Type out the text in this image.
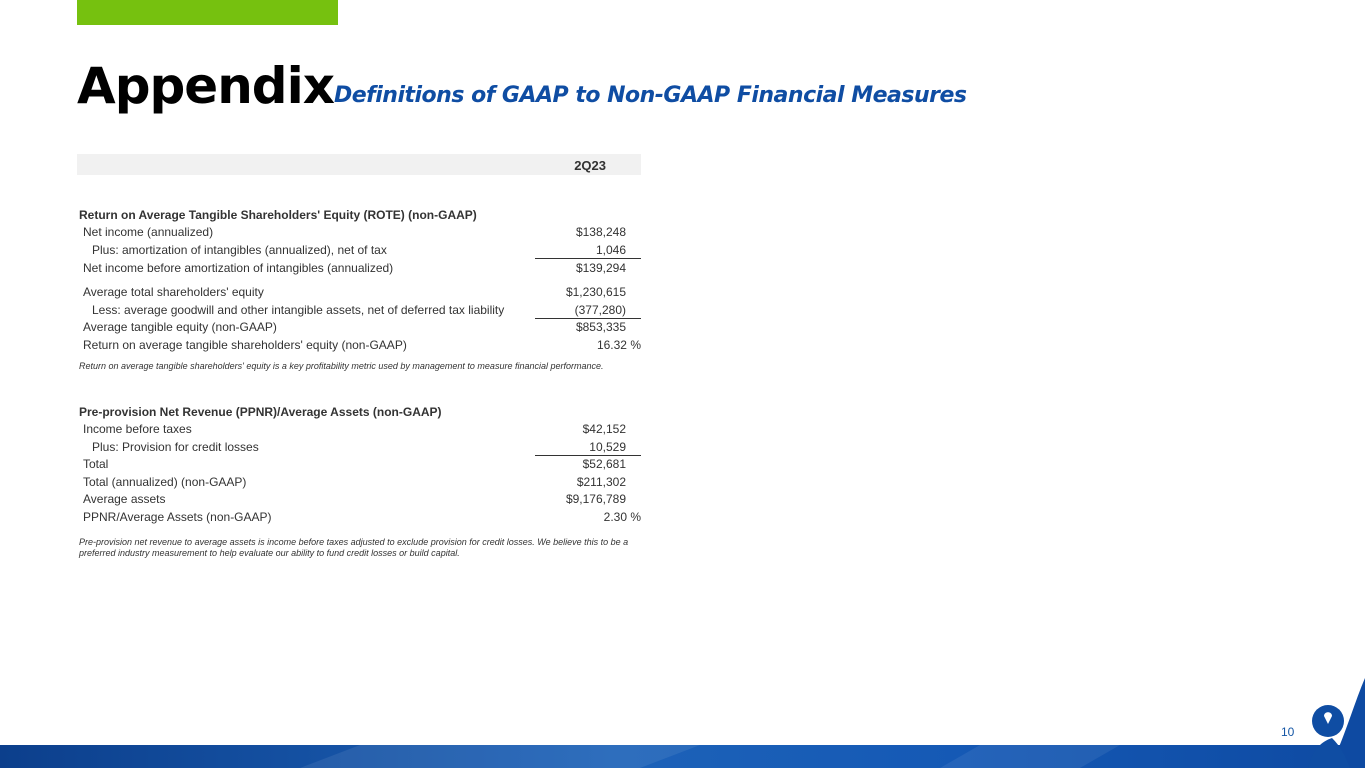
Appendix Definitions of GAAP to Non-GAAP Financial Measures
2Q23
Return on Average Tangible Shareholders' Equity (ROTE) (non-GAAP)
Net income (annualized)	$138,248
Plus: amortization of intangibles (annualized), net of tax	1,046
Net income before amortization of intangibles (annualized)	$139,294
Average total shareholders' equity	$1,230,615
Less: average goodwill and other intangible assets, net of deferred tax liability	(377,280)
Average tangible equity (non-GAAP)	$853,335
Return on average tangible shareholders' equity (non-GAAP)	16.32 %
Return on average tangible shareholders' equity is a key profitability metric used by management to measure financial performance.
Pre-provision Net Revenue (PPNR)/Average Assets (non-GAAP)
Income before taxes	$42,152
Plus: Provision for credit losses	10,529
Total	$52,681
Total (annualized) (non-GAAP)	$211,302
Average assets	$9,176,789
PPNR/Average Assets (non-GAAP)	2.30 %
Pre-provision net revenue to average assets is income before taxes adjusted to exclude provision for credit losses. We believe this to be a preferred industry measurement to help evaluate our ability to fund credit losses or build capital.
10
